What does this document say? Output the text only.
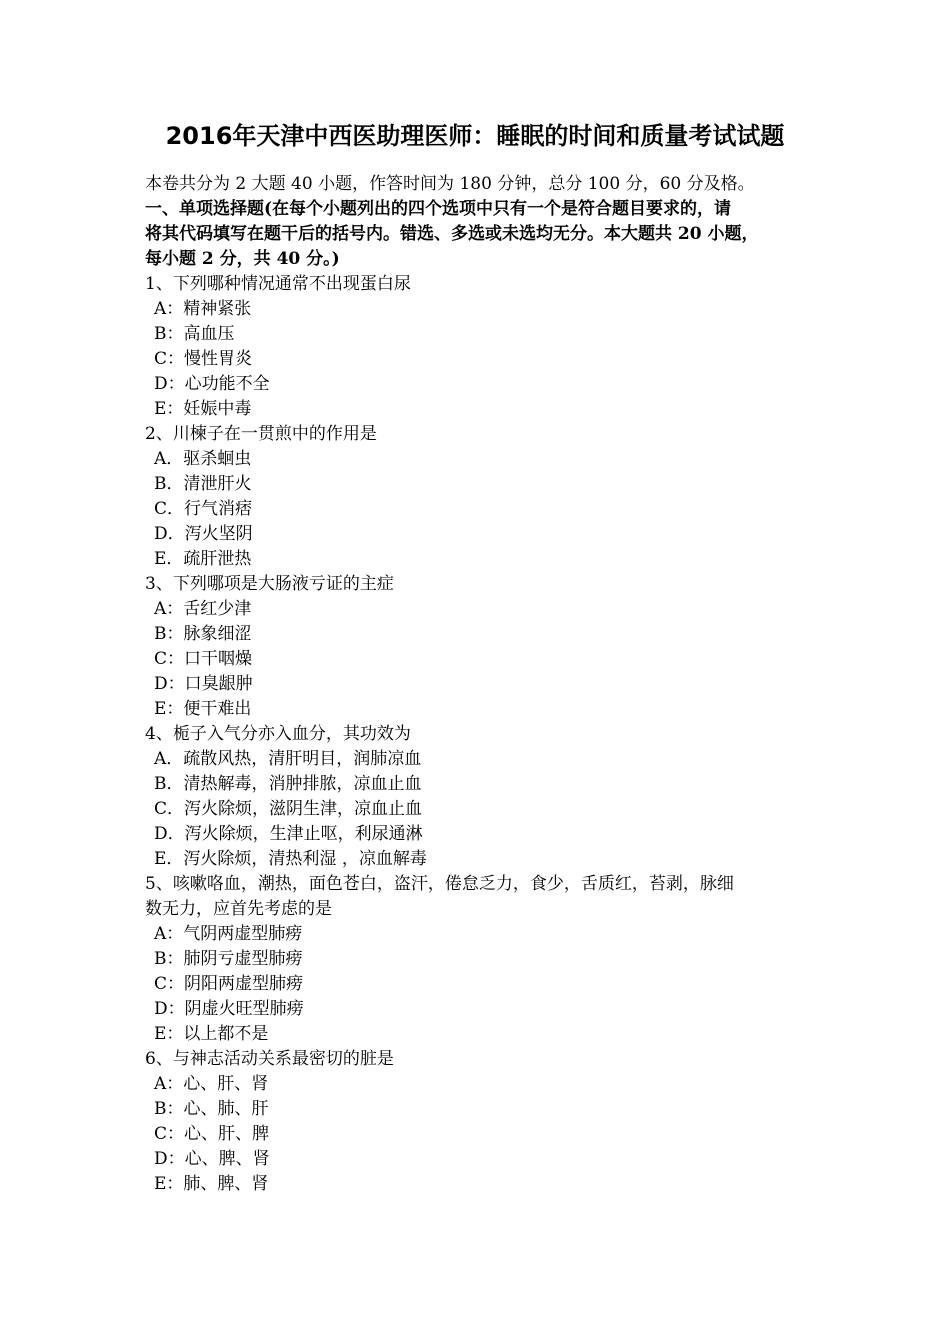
2016年天津中西医助理医师：睡眠的时间和质量考试试题
本卷共分为 2 大题 40 小题，作答时间为 180 分钟，总分 100 分，60 分及格。
一、单项选择题(在每个小题列出的四个选项中只有一个是符合题目要求的，请
将其代码填写在题干后的括号内。错选、多选或未选均无分。本大题共 20 小题，
每小题 2 分，共 40 分。)
1、下列哪种情况通常不出现蛋白尿
A：精神紧张
B：高血压
C：慢性胃炎
D：心功能不全
E：妊娠中毒
2、川楝子在一贯煎中的作用是
A．驱杀蛔虫
B．清泄肝火
C．行气消痞
D．泻火坚阴
E．疏肝泄热
3、下列哪项是大肠液亏证的主症
A：舌红少津
B：脉象细涩
C：口干咽燥
D：口臭龈肿
E：便干难出
4、栀子入气分亦入血分，其功效为
A．疏散风热，清肝明目，润肺凉血
B．清热解毒，消肿排脓，凉血止血
C．泻火除烦，滋阴生津，凉血止血
D．泻火除烦，生津止呕，利尿通淋
E．泻火除烦，清热利湿 ，凉血解毒
5、咳嗽咯血，潮热，面色苍白，盗汗，倦怠乏力，食少，舌质红，苔剥，脉细
数无力，应首先考虑的是
A：气阴两虚型肺痨
B：肺阴亏虚型肺痨
C：阴阳两虚型肺痨
D：阴虚火旺型肺痨
E：以上都不是
6、与神志活动关系最密切的脏是
A：心、肝、肾
B：心、肺、肝
C：心、肝、脾
D：心、脾、肾
E：肺、脾、肾
